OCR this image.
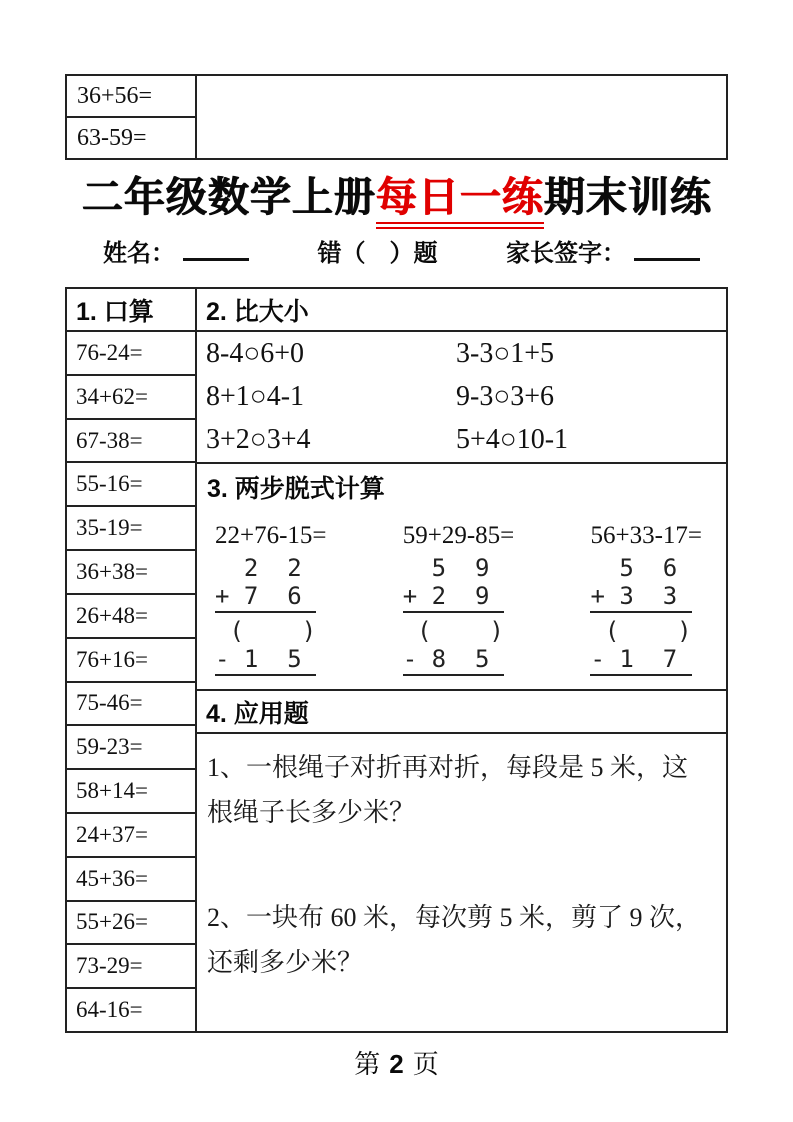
36+56=
63-59=
二年级数学上册每日一练期末训练
姓名：	错（　）题	家长签字：
1. 口算
76-24=
34+62=
67-38=
55-16=
35-19=
36+38=
26+48=
76+16=
75-46=
59-23=
58+14=
24+37=
45+36=
55+26=
73-29=
64-16=
2. 比大小
8-4○6+0	3-3○1+5
8+1○4-1	9-3○3+6
3+2○3+4	5+4○10-1
3. 两步脱式计算
22+76-15=
2  2
+ 7  6
(    )
- 1  5
59+29-85=
5  9
+ 2  9
(    )
- 8  5
56+33-17=
5  6
+ 3  3
(    )
- 1  7
4. 应用题
1、一根绳子对折再对折，每段是 5 米，这根绳子长多少米？
2、一块布 60 米，每次剪 5 米，剪了 9 次，还剩多少米？
第 2 页
